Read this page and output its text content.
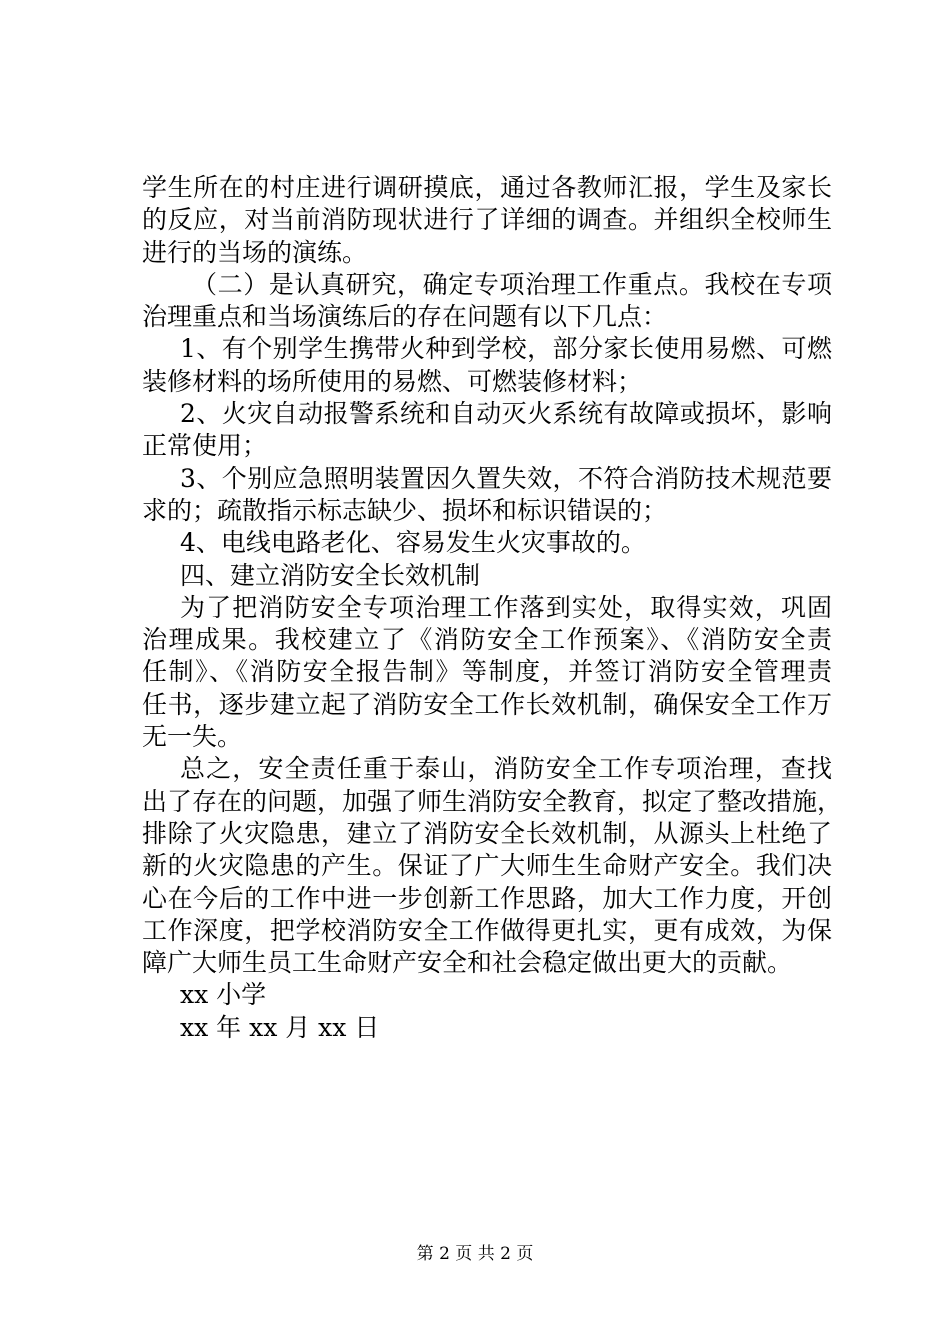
学生所在的村庄进行调研摸底，通过各教师汇报，学生及家长
的反应，对当前消防现状进行了详细的调查。并组织全校师生
进行的当场的演练。
（二）是认真研究，确定专项治理工作重点。我校在专项
治理重点和当场演练后的存在问题有以下几点：
1、有个别学生携带火种到学校，部分家长使用易燃、可燃
装修材料的场所使用的易燃、可燃装修材料；
2、火灾自动报警系统和自动灭火系统有故障或损坏，影响
正常使用；
3、个别应急照明装置因久置失效，不符合消防技术规范要
求的；疏散指示标志缺少、损坏和标识错误的；
4、电线电路老化、容易发生火灾事故的。
四、建立消防安全长效机制
为了把消防安全专项治理工作落到实处，取得实效，巩固
治理成果。我校建立了《消防安全工作预案》、《消防安全责
任制》、《消防安全报告制》等制度，并签订消防安全管理责
任书，逐步建立起了消防安全工作长效机制，确保安全工作万
无一失。
总之，安全责任重于泰山，消防安全工作专项治理，查找
出了存在的问题，加强了师生消防安全教育，拟定了整改措施，
排除了火灾隐患，建立了消防安全长效机制，从源头上杜绝了
新的火灾隐患的产生。保证了广大师生生命财产安全。我们决
心在今后的工作中进一步创新工作思路，加大工作力度，开创
工作深度，把学校消防安全工作做得更扎实，更有成效，为保
障广大师生员工生命财产安全和社会稳定做出更大的贡献。
xx 小学
xx 年 xx 月 xx 日
第 2 页 共 2 页
